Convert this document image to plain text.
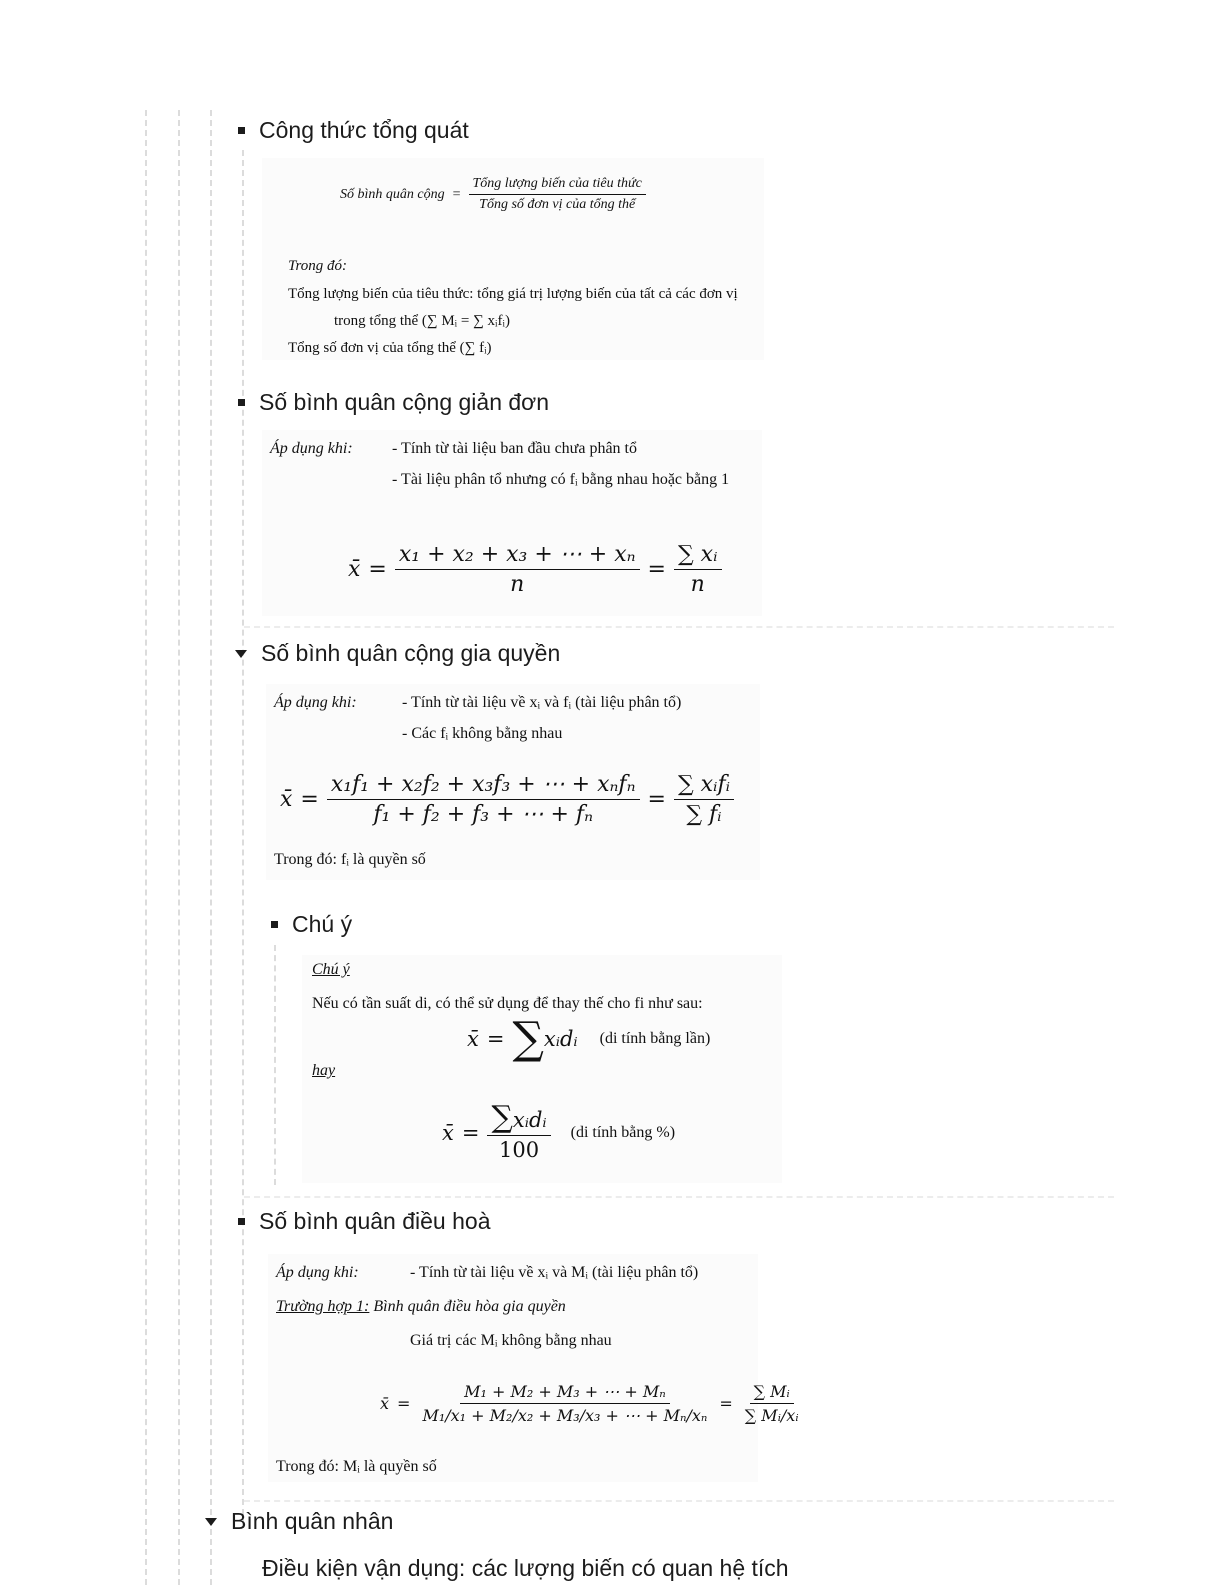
Công thức tổng quát
Số bình quân cộng = $\frac{\text{Tổng lượng biến của tiêu thức}}{\text{Tổng số đơn vị của tổng thể}}$
Trong đó:
Tổng lượng biến của tiêu thức: tổng giá trị lượng biến của tất cả các đơn vị
trong tổng thể (∑ Mᵢ = ∑ xᵢfᵢ)
Tổng số đơn vị của tổng thể (∑ fᵢ)
Số bình quân cộng giản đơn
Áp dụng khi: - Tính từ tài liệu ban đầu chưa phân tổ
- Tài liệu phân tổ nhưng có fᵢ bằng nhau hoặc bằng 1
x̄ = $\frac{\text{x₁ + x₂ + x₃ + ⋯ + xₙ}}{n} = \frac{\text{∑ xᵢ}}{n}$
Số bình quân cộng gia quyền
Áp dụng khi:	- Tính từ tài liệu về xᵢ và fᵢ (tài liệu phân tổ)
- Các fᵢ không bằng nhau
x̄ = $\frac{\text{x₁f₁ + x₂f₂ + x₃f₃ + ⋯ + xₙfₙ}}{\text{f₁ + f₂ + f₃ + ⋯ + fₙ}} = \frac{\text{∑ xᵢfᵢ}}{\text{∑ fᵢ}}$
Trong đó: fᵢ là quyền số
Chú ý
Chú ý
Nếu có tần suất di, có thể sử dụng để thay thế cho fi như sau:
x̄ = ∑ xᵢdᵢ (di tính bằng lần)
hay
x̄ = $\frac{\text{∑xᵢdᵢ}}{100} (di$ tính bằng %)
Số bình quân điều hoà
Áp dụng khi:	- Tính từ tài liệu về xᵢ và Mᵢ (tài liệu phân tổ)
Trường hợp 1: Bình quân điều hòa gia quyền
Giá trị các Mᵢ không bằng nhau
x̄ = $\frac{\text{M₁ + M₂ + M₃ + ⋯ + Mₙ}}{\text{M₁/x₁ + M₂/x₂ + M₃/x₃ + ⋯ + Mₙ/xₙ}} = \frac{\text{∑ Mᵢ}}{\text{∑ Mᵢ/xᵢ}}$
Trong đó: Mᵢ là quyền số
Bình quân nhân
Điều kiện vận dụng: các lượng biến có quan hệ tích
